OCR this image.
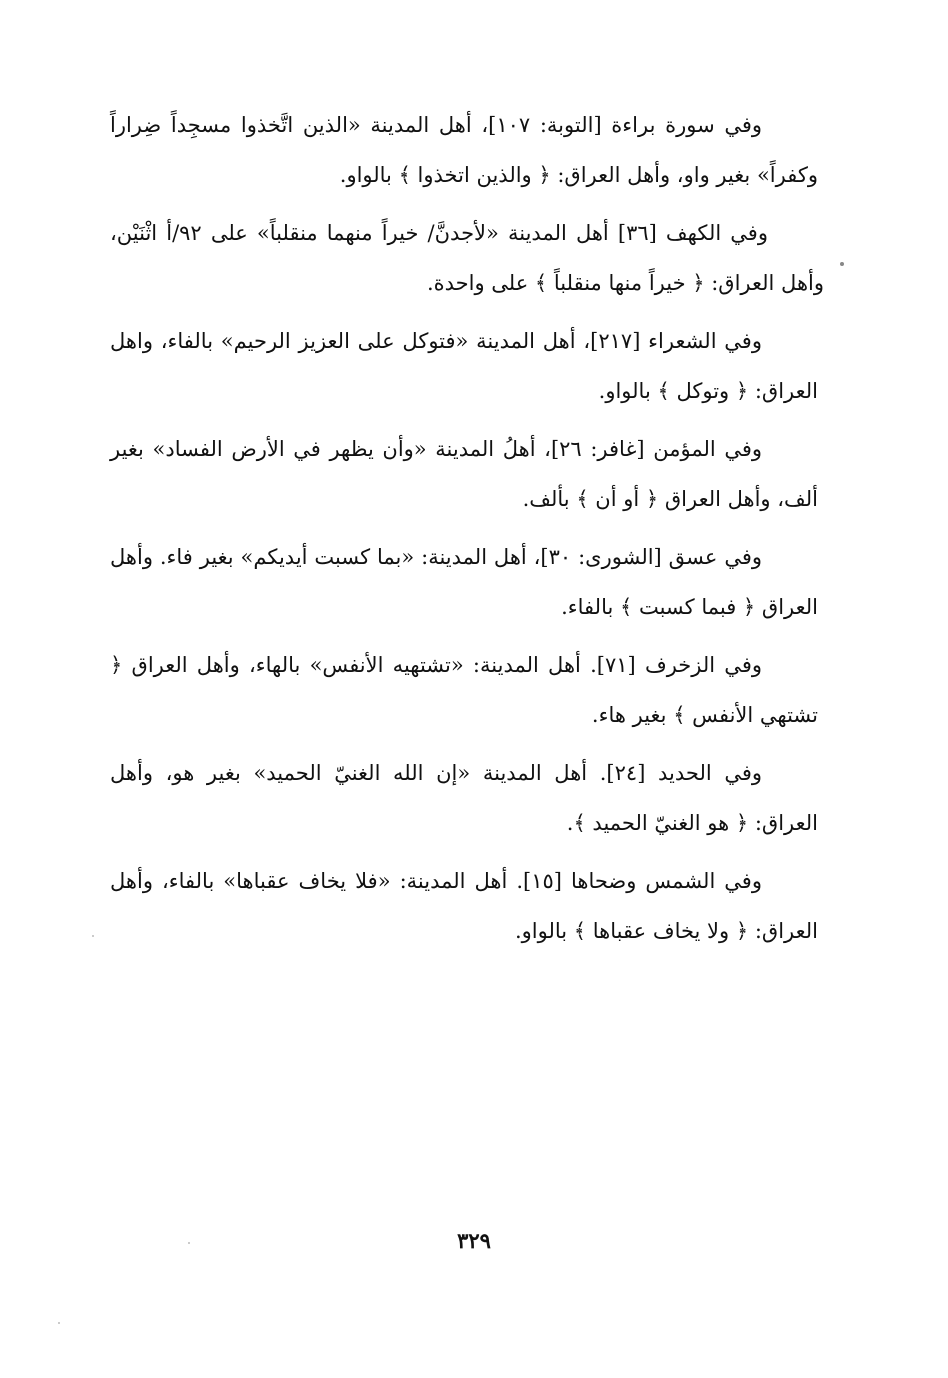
وفي سورة براءة [التوبة: ١٠٧]، أهل المدينة «الذين اتَّخذوا مسجِداً ضِراراً وكفراً» بغير واو، وأهل العراق: ﴿ والذين اتخذوا ﴾ بالواو.

وفي الكهف [٣٦] أهل المدينة «لأجدنَّ/ خيراً منهما منقلباً» على ٩٢/أ اثْنَيْن، وأهل العراق: ﴿ خيراً منها منقلباً ﴾ على واحدة.

وفي الشعراء [٢١٧]، أهل المدينة «فتوكل على العزيز الرحيم» بالفاء، واهل العراق: ﴿ وتوكل ﴾ بالواو.

وفي المؤمن [غافر: ٢٦]، أهلُ المدينة «وأن يظهر في الأرض الفساد» بغير ألف، وأهل العراق ﴿ أو أن ﴾ بألف.

وفي عسق [الشورى: ٣٠]، أهل المدينة: «بما كسبت أيديكم» بغير فاء. وأهل العراق ﴿ فبما كسبت ﴾ بالفاء.

وفي الزخرف [٧١]. أهل المدينة: «تشتهيه الأنفس» بالهاء، وأهل العراق ﴿ تشتهي الأنفس ﴾ بغير هاء.

وفي الحديد [٢٤]. أهل المدينة «إن الله الغنيّ الحميد» بغير هو، وأهل العراق: ﴿ هو الغنيّ الحميد ﴾.

وفي الشمس وضحاها [١٥]. أهل المدينة: «فلا يخاف عقباها» بالفاء، وأهل العراق: ﴿ ولا يخاف عقباها ﴾ بالواو.

٣٢٩
